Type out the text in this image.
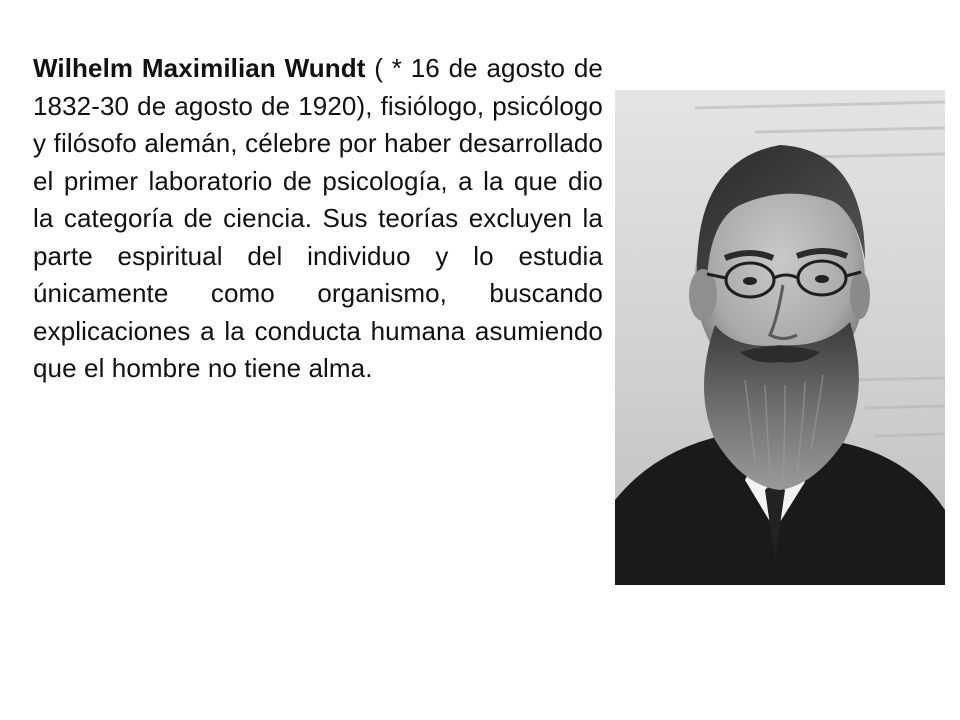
Wilhelm Maximilian Wundt ( * 16 de agosto de 1832-30 de agosto de 1920), fisiólogo, psicólogo y filósofo alemán, célebre por haber desarrollado el primer laboratorio de psicología, a la que dio la categoría de ciencia. Sus teorías excluyen la parte espiritual del individuo y lo estudia únicamente como organismo, buscando explicaciones a la conducta humana asumiendo que el hombre no tiene alma.
